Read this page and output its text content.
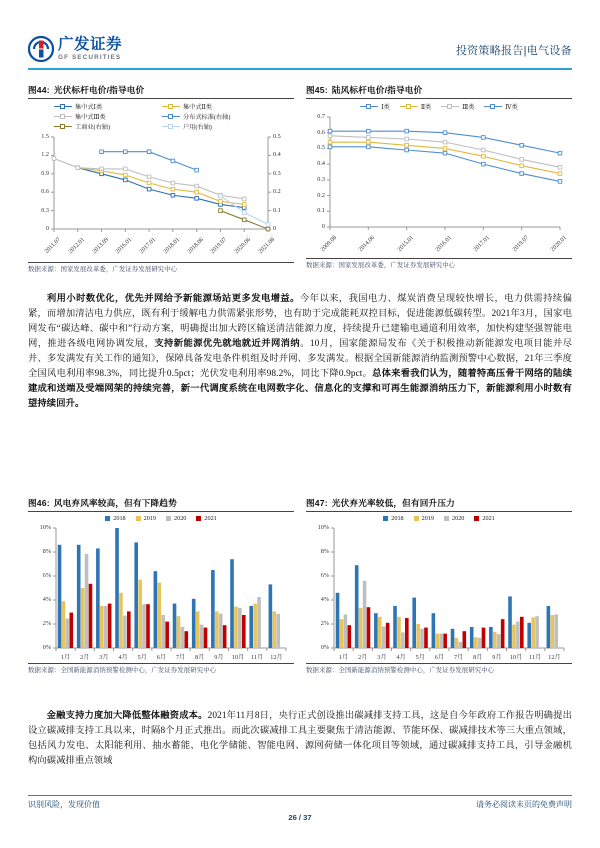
广发证券
GF SECURITIES
投资策略报告|电气设备
图44: 光伏标杆电价/指导电价
集中式Ⅰ类	集中式Ⅱ类
集中式Ⅲ类	分布式标准(右轴)
工商业(右轴)	户用(右轴)
0
0.3
0.6
0.9
1.2
1.5
0
0.1
0.2
0.3
0.4
0.5
2011.07 2012.01 2013.09 2016.01 2017.01 2018.01 2018.06 2019.07 2020.06 2021.08
数据来源：国家发展改革委，广发证券发展研究中心
图45: 陆风标杆电价/指导电价
Ⅰ类	Ⅱ类	Ⅲ类	Ⅳ类
0
0.1
0.2
0.3
0.4
0.5
0.6
0.7
2009.08	2014.06	2015.01	2016.01	2017.01	2019.07	2020.01
数据来源：国家发展改革委，广发证券发展研究中心
利用小时数优化，优先并网给予新能源场站更多发电增益。今年以来，我国电力、煤炭消费呈现较快增长，电力供需持续偏紧，而增加清洁电力供应，既有利于缓解电力供需紧张形势，也有助于完成能耗双控目标，促进能源低碳转型。2021年3月，国家电网发布“碳达峰、碳中和”行动方案，明确提出加大跨区输送清洁能源力度，持续提升已建输电通道利用效率，加快构建坚强智能电网，推进各级电网协调发展，支持新能源优先就地就近并网消纳。10月，国家能源局发布《关于积极推动新能源发电项目能并尽并、多发满发有关工作的通知》，保障具备发电条件机组及时并网、多发满发。根据全国新能源消纳监测预警中心数据，21年三季度全国风电利用率98.3%，同比提升0.5pct；光伏发电利用率98.2%，同比下降0.9pct。总体来看我们认为，随着特高压骨干网络的陆续建成和送端及受端网架的持续完善，新一代调度系统在电网数字化、信息化的支撑和可再生能源消纳压力下，新能源利用小时数有望持续回升。
图46: 风电弃风率较高，但有下降趋势
2018	2019	2020	2021
0%
2%
4%
6%
8%
10%
1月	2月	3月	4月	5月	6月	7月	8月	9月	10月	11月	12月
数据来源：全国新能源消纳预警检测中心，广发证券发展研究中心
图47: 光伏弃光率较低，但有回升压力
2018	2019	2020	2021
0%
2%
4%
6%
8%
10%
1月	2月	3月	4月	5月	6月	7月	8月	9月	10月	11月	12月
数据来源：全国新能源消纳预警检测中心，广发证券发展研究中心
金融支持力度加大降低整体融资成本。2021年11月8日，央行正式创设推出碳减排支持工具，这是自今年政府工作报告明确提出设立碳减排支持工具以来，时隔8个月正式推出。而此次碳减排工具主要聚焦于清洁能源、节能环保、碳减排技术等三大重点领域，包括风力发电、太阳能利用、抽水蓄能、电化学储能、智能电网、源网荷储一体化项目等领域，通过碳减排支持工具，引导金融机构向碳减排重点领域
识别风险，发现价值	请务必阅读末页的免费声明
26 / 37
